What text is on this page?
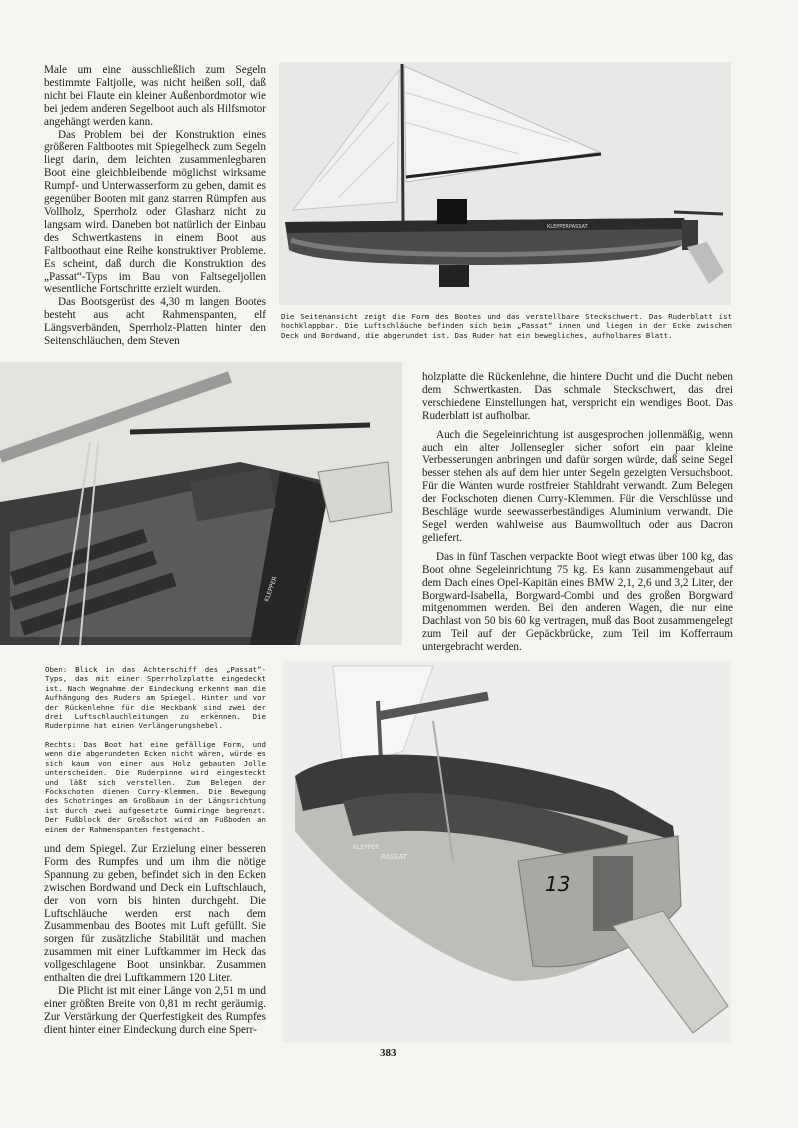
Male um eine ausschließlich zum Segeln bestimmte Faltjolle, was nicht heißen soll, daß nicht bei Flaute ein kleiner Außenbordmotor wie bei jedem anderen Segelboot auch als Hilfsmotor angehängt werden kann.

Das Problem bei der Konstruktion eines größeren Faltbootes mit Spiegelheck zum Segeln liegt darin, dem leichten zusammenlegbaren Boot eine gleichbleibende möglichst wirksame Rumpf- und Unterwasserform zu geben, damit es gegenüber Booten mit ganz starren Rümpfen aus Vollholz, Sperrholz oder Glasharz nicht zu langsam wird. Daneben bot natürlich der Einbau des Schwertkastens in einem Boot aus Faltboothaut eine Reihe konstruktiver Probleme. Es scheint, daß durch die Konstruktion des „Passat“-Typs im Bau von Faltsegeljollen wesentliche Fortschritte erzielt wurden.

Das Bootsgerüst des 4,30 m langen Bootes besteht aus acht Rahmenspanten, elf Längsverbänden, Sperrholz-Platten hinter den Seitenschläuchen, dem Steven

KLEPPER PASSAT

Die Seitenansicht zeigt die Form des Bootes und das verstellbare Steckschwert. Das Ruderblatt ist hochklappbar. Die Luftschläuche befinden sich beim „Passat“ innen und liegen in der Ecke zwischen Deck und Bordwand, die abgerundet ist. Das Ruder hat ein bewegliches, aufholbares Blatt.

KLEPPER

holzplatte die Rückenlehne, die hintere Ducht und die Ducht neben dem Schwertkasten. Das schmale Steckschwert, das drei verschiedene Einstellungen hat, verspricht ein wendiges Boot. Das Ruderblatt ist aufholbar.

Auch die Segeleinrichtung ist ausgesprochen jollenmäßig, wenn auch ein alter Jollensegler sicher sofort ein paar kleine Verbesserungen anbringen und dafür sorgen würde, daß seine Segel besser stehen als auf dem hier unter Segeln gezeigten Versuchsboot. Für die Wanten wurde rostfreier Stahldraht verwandt. Zum Belegen der Fockschoten dienen Curry-Klemmen. Für die Verschlüsse und Beschläge wurde seewasserbeständiges Aluminium verwandt. Die Segel werden wahlweise aus Baumwolltuch oder aus Dacron geliefert.

Das in fünf Taschen verpackte Boot wiegt etwas über 100 kg, das Boot ohne Segeleinrichtung 75 kg. Es kann zusammengebaut auf dem Dach eines Opel-Kapitän eines BMW 2,1, 2,6 und 3,2 Liter, der Borgward-Isabella, Borgward-Combi und des großen Borgward mitgenommen werden. Bei den anderen Wagen, die nur eine Dachlast von 50 bis 60 kg vertragen, muß das Boot zusammengelegt zum Teil auf der Gepäckbrücke, zum Teil im Kofferraum untergebracht werden.

Oben: Blick in das Achterschiff des „Passat“-Typs, das mit einer Sperrholzplatte eingedeckt ist. Nach Wegnahme der Eindeckung erkennt man die Aufhängung des Ruders am Spiegel. Hinter und vor der Rückenlehne für die Heckbank sind zwei der drei Luftschlauchleitungen zu erkennen. Die Ruderpinne hat einen Verlängerungshebel.

Rechts: Das Boot hat eine gefällige Form, und wenn die abgerundeten Ecken nicht wären, würde es sich kaum von einer aus Holz gebauten Jolle unterscheiden. Die Ruderpinne wird eingesteckt und läßt sich verstellen. Zum Belegen der Fockschoten dienen Curry-Klemmen. Die Bewegung des Schotringes am Großbaum in der Längsrichtung ist durch zwei aufgesetzte Gummiringe begrenzt. Der Fußblock der Großschot wird am Fußboden an einem der Rahmenspanten festgemacht.

13
KLEPPER
PASSAT

und dem Spiegel. Zur Erzielung einer besseren Form des Rumpfes und um ihm die nötige Spannung zu geben, befindet sich in den Ecken zwischen Bordwand und Deck ein Luftschlauch, der von vorn bis hinten durchgeht. Die Luftschläuche werden erst nach dem Zusammenbau des Bootes mit Luft gefüllt. Sie sorgen für zusätzliche Stabilität und machen zusammen mit einer Luftkammer im Heck das vollgeschlagene Boot unsinkbar. Zusammen enthalten die drei Luftkammern 120 Liter.

Die Plicht ist mit einer Länge von 2,51 m und einer größten Breite von 0,81 m recht geräumig. Zur Verstärkung der Querfestigkeit des Rumpfes dient hinter einer Eindeckung durch eine Sperr-

383
